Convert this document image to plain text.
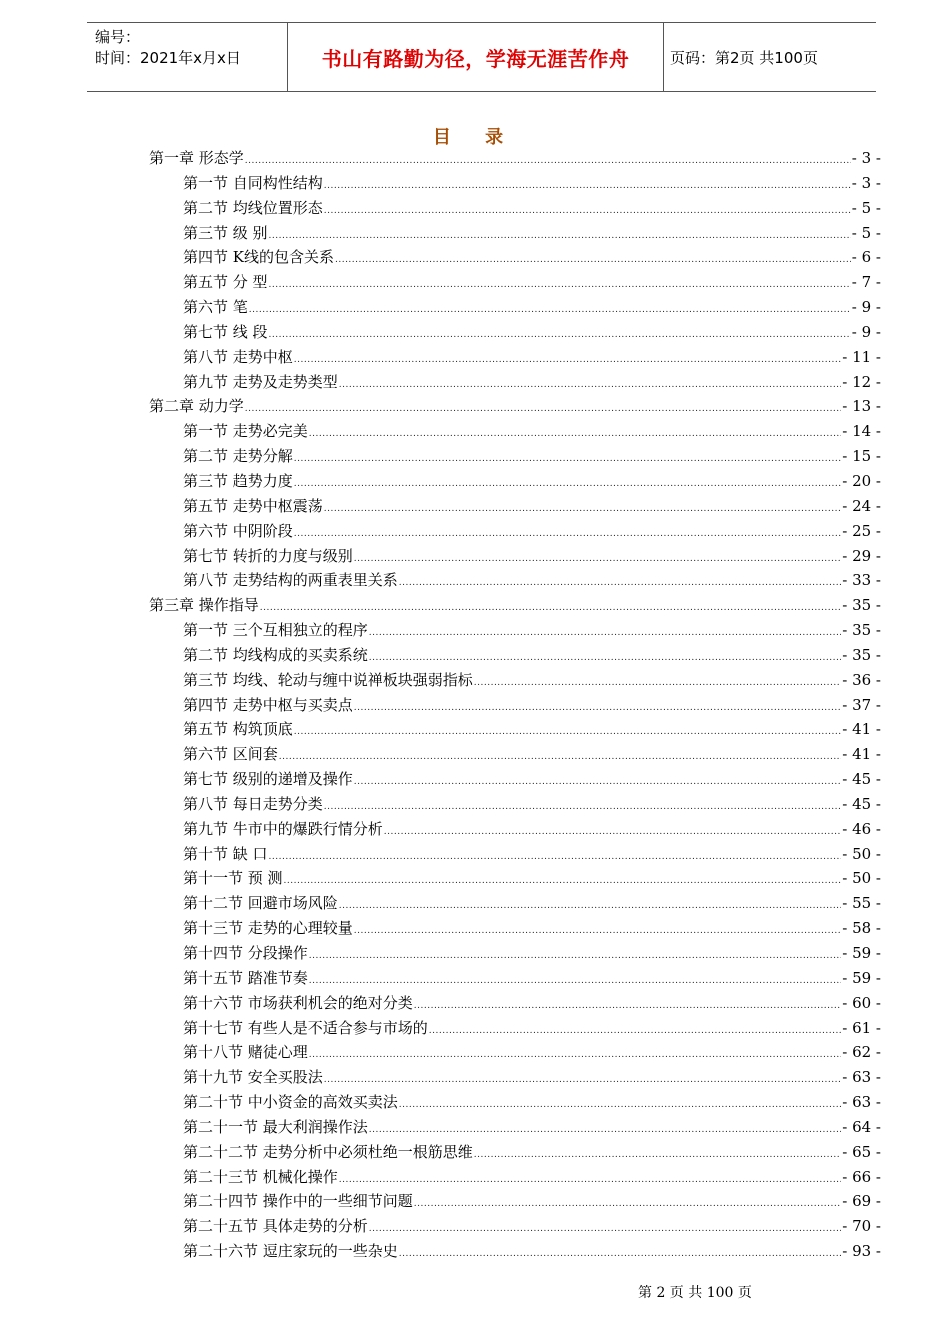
编号：
时间：2021年x月x日	书山有路勤为径，学海无涯苦作舟	页码：第2页 共100页
目 录
第一章 形态学 .....	- 3 -
第一节 自同构性结构 .....	- 3 -
第二节 均线位置形态 .....	- 5 -
第三节 级 别 .....	- 5 -
第四节 K线的包含关系 .....	- 6 -
第五节 分 型 .....	- 7 -
第六节 笔 .....	- 9 -
第七节 线 段 .....	- 9 -
第八节 走势中枢 .....	- 11 -
第九节 走势及走势类型 .....	- 12 -
第二章 动力学 .....	- 13 -
第一节 走势必完美 .....	- 14 -
第二节 走势分解 .....	- 15 -
第三节 趋势力度 .....	- 20 -
第五节 走势中枢震荡 .....	- 24 -
第六节 中阴阶段 .....	- 25 -
第七节 转折的力度与级别 .....	- 29 -
第八节 走势结构的两重表里关系 .....	- 33 -
第三章 操作指导 .....	- 35 -
第一节 三个互相独立的程序 .....	- 35 -
第二节 均线构成的买卖系统 .....	- 35 -
第三节 均线、轮动与缠中说禅板块强弱指标 .....	- 36 -
第四节 走势中枢与买卖点 .....	- 37 -
第五节 构筑顶底 .....	- 41 -
第六节 区间套 .....	- 41 -
第七节 级别的递增及操作 .....	- 45 -
第八节 每日走势分类 .....	- 45 -
第九节 牛市中的爆跌行情分析 .....	- 46 -
第十节 缺 口 .....	- 50 -
第十一节 预 测 .....	- 50 -
第十二节 回避市场风险 .....	- 55 -
第十三节 走势的心理较量 .....	- 58 -
第十四节 分段操作 .....	- 59 -
第十五节 踏准节奏 .....	- 59 -
第十六节 市场获利机会的绝对分类 .....	- 60 -
第十七节 有些人是不适合参与市场的 .....	- 61 -
第十八节 赌徒心理 .....	- 62 -
第十九节 安全买股法 .....	- 63 -
第二十节 中小资金的高效买卖法 .....	- 63 -
第二十一节 最大利润操作法 .....	- 64 -
第二十二节 走势分析中必须杜绝一根筋思维 .....	- 65 -
第二十三节 机械化操作 .....	- 66 -
第二十四节 操作中的一些细节问题 .....	- 69 -
第二十五节 具体走势的分析 .....	- 70 -
第二十六节 逗庄家玩的一些杂史 .....	- 93 -
第 2 页 共 100 页
